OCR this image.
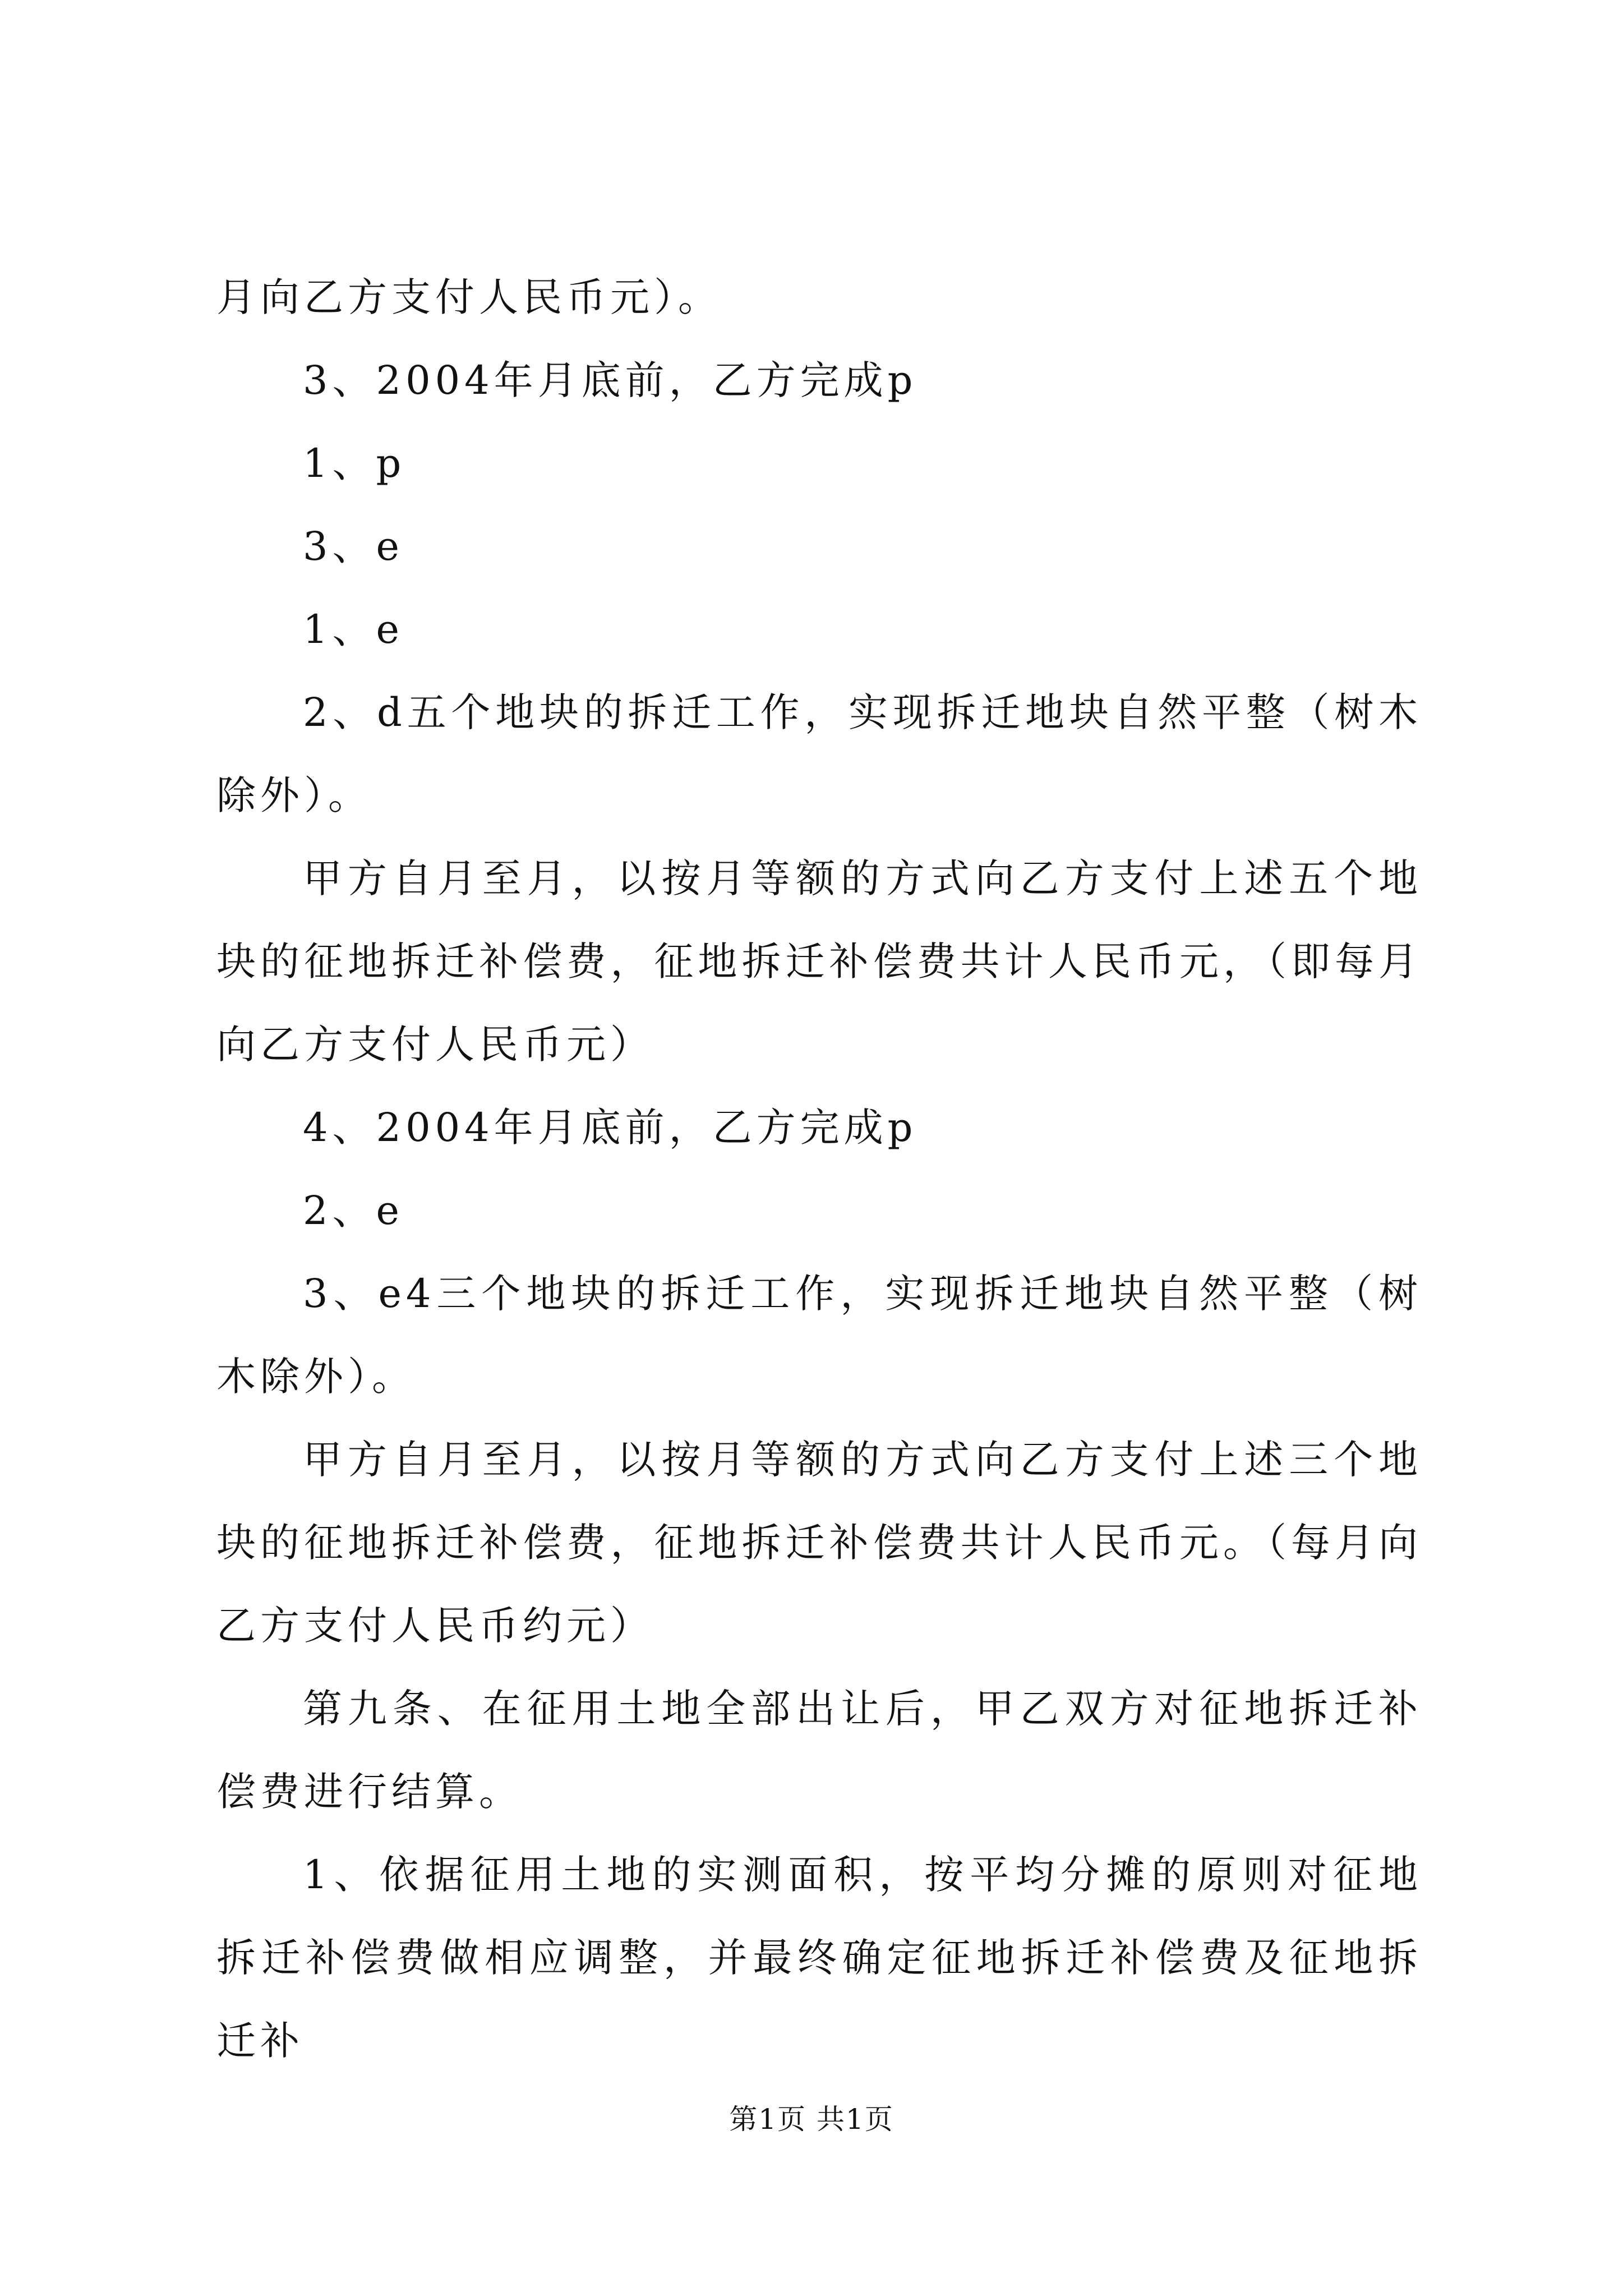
月向乙方支付人民币元）。

3、2004年月底前，乙方完成p

1、p

3、e

1、e

2、d五个地块的拆迁工作，实现拆迁地块自然平整（树木除外）。

甲方自月至月，以按月等额的方式向乙方支付上述五个地块的征地拆迁补偿费，征地拆迁补偿费共计人民币元，（即每月向乙方支付人民币元）

4、2004年月底前，乙方完成p

2、e

3、e4三个地块的拆迁工作，实现拆迁地块自然平整（树木除外）。

甲方自月至月，以按月等额的方式向乙方支付上述三个地块的征地拆迁补偿费，征地拆迁补偿费共计人民币元。（每月向乙方支付人民币约元）

第九条、在征用土地全部出让后，甲乙双方对征地拆迁补偿费进行结算。

1、依据征用土地的实测面积，按平均分摊的原则对征地拆迁补偿费做相应调整，并最终确定征地拆迁补偿费及征地拆迁补

第1页 共1页
